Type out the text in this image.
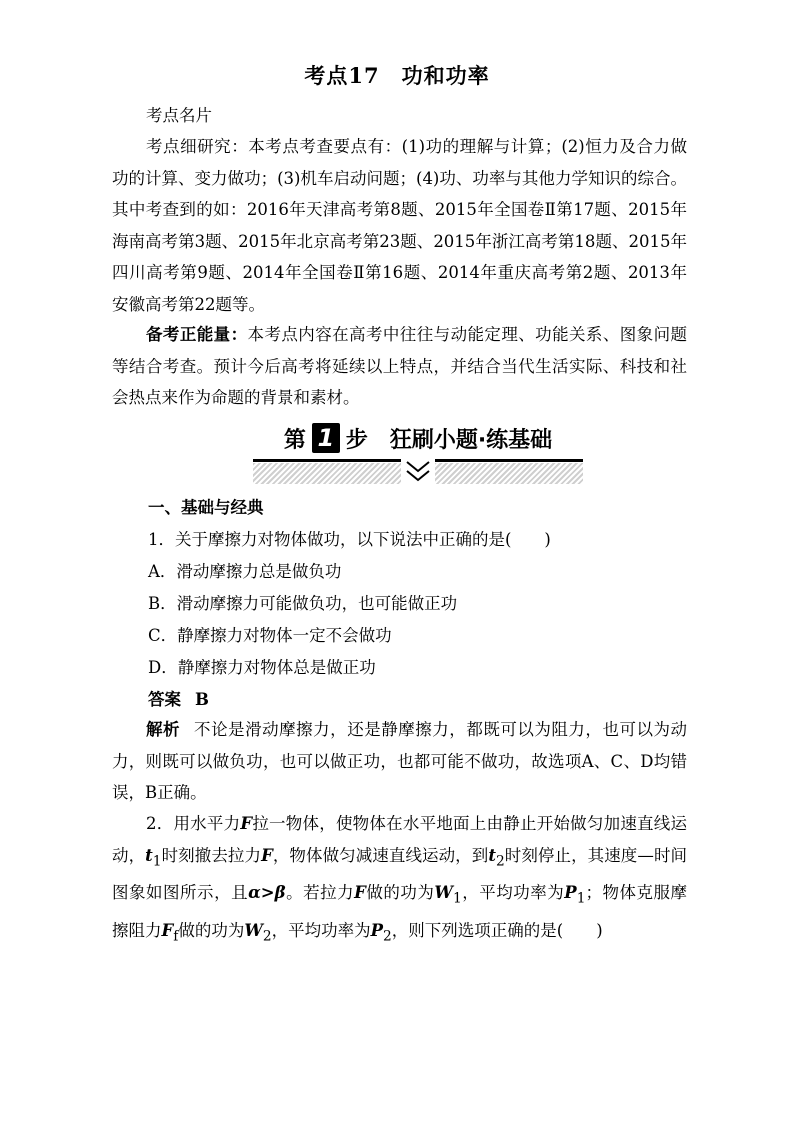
考点17　功和功率
考点名片
考点细研究：本考点考查要点有：(1)功的理解与计算；(2)恒力及合力做功的计算、变力做功；(3)机车启动问题；(4)功、功率与其他力学知识的综合。其中考查到的如：2016年天津高考第8题、2015年全国卷Ⅱ第17题、2015年海南高考第3题、2015年北京高考第23题、2015年浙江高考第18题、2015年四川高考第9题、2014年全国卷Ⅱ第16题、2014年重庆高考第2题、2013年安徽高考第22题等。
备考正能量：本考点内容在高考中往往与动能定理、功能关系、图象问题等结合考查。预计今后高考将延续以上特点，并结合当代生活实际、科技和社会热点来作为命题的背景和素材。
第 1 步　狂刷小题·练基础
一、基础与经典
1．关于摩擦力对物体做功，以下说法中正确的是(　　)
A．滑动摩擦力总是做负功
B．滑动摩擦力可能做负功，也可能做正功
C．静摩擦力对物体一定不会做功
D．静摩擦力对物体总是做正功
答案 B
解析 不论是滑动摩擦力，还是静摩擦力，都既可以为阻力，也可以为动力，则既可以做负功，也可以做正功，也都可能不做功，故选项A、C、D均错误，B正确。
2．用水平力F拉一物体，使物体在水平地面上由静止开始做匀加速直线运动，$t_1$时刻撤去拉力F，物体做匀减速直线运动，到$t_2$时刻停止，其速度—时间图象如图所示，且α>β。若拉力F做的功为$W_1$，平均功率为$P_1$；物体克服摩擦阻力$F_f$做的功为$W_2$，平均功率为$P_2$，则下列选项正确的是(　　)
